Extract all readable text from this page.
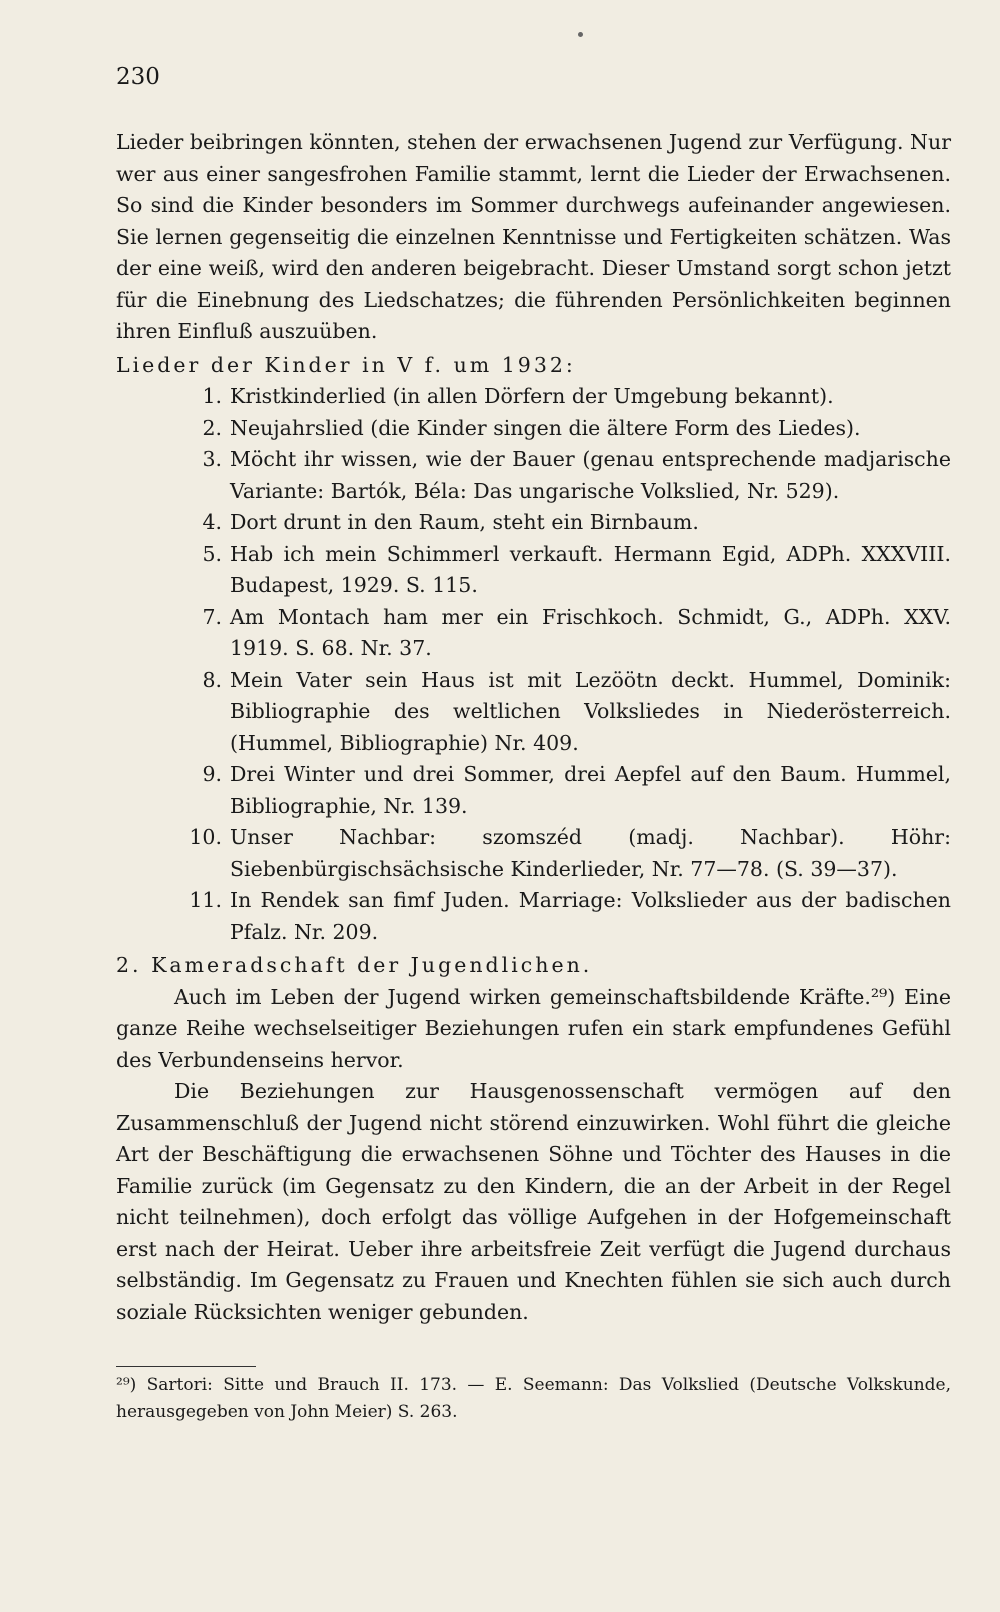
230

Lieder beibringen könnten, stehen der erwachsenen Jugend zur Verfügung. Nur wer aus einer sangesfrohen Familie stammt, lernt die Lieder der Erwachsenen. So sind die Kinder besonders im Sommer durchwegs aufeinander angewiesen. Sie lernen gegenseitig die einzelnen Kenntnisse und Fertigkeiten schätzen. Was der eine weiß, wird den anderen beigebracht. Dieser Umstand sorgt schon jetzt für die Einebnung des Liedschatzes; die führenden Persönlichkeiten beginnen ihren Einfluß auszuüben.

Lieder der Kinder in V f. um 1932:

1. Kristkinderlied (in allen Dörfern der Umgebung bekannt).
2. Neujahrslied (die Kinder singen die ältere Form des Liedes).
3. Möcht ihr wissen, wie der Bauer (genau entsprechende madjarische Variante: Bartók, Béla: Das ungarische Volkslied, Nr. 529).
4. Dort drunt in den Raum, steht ein Birnbaum.
5. Hab ich mein Schimmerl verkauft. Hermann Egid, ADPh. XXXVIII. Budapest, 1929. S. 115.
7. Am Montach ham mer ein Frischkoch. Schmidt, G., ADPh. XXV. 1919. S. 68. Nr. 37.
8. Mein Vater sein Haus ist mit Lezöötn deckt. Hummel, Dominik: Bibliographie des weltlichen Volksliedes in Niederösterreich. (Hummel, Bibliographie) Nr. 409.
9. Drei Winter und drei Sommer, drei Aepfel auf den Baum. Hummel, Bibliographie, Nr. 139.
10. Unser Nachbar: szomszéd (madj. Nachbar). Höhr: Siebenbürgischsächsische Kinderlieder, Nr. 77—78. (S. 39—37).
11. In Rendek san fimf Juden. Marriage: Volkslieder aus der badischen Pfalz. Nr. 209.

2. Kameradschaft der Jugendlichen.

Auch im Leben der Jugend wirken gemeinschaftsbildende Kräfte.²⁹) Eine ganze Reihe wechselseitiger Beziehungen rufen ein stark empfundenes Gefühl des Verbundenseins hervor.

Die Beziehungen zur Hausgenossenschaft vermögen auf den Zusammenschluß der Jugend nicht störend einzuwirken. Wohl führt die gleiche Art der Beschäftigung die erwachsenen Söhne und Töchter des Hauses in die Familie zurück (im Gegensatz zu den Kindern, die an der Arbeit in der Regel nicht teilnehmen), doch erfolgt das völlige Aufgehen in der Hofgemeinschaft erst nach der Heirat. Ueber ihre arbeitsfreie Zeit verfügt die Jugend durchaus selbständig. Im Gegensatz zu Frauen und Knechten fühlen sie sich auch durch soziale Rücksichten weniger gebunden.

²⁹) Sartori: Sitte und Brauch II. 173. — E. Seemann: Das Volkslied (Deutsche Volkskunde, herausgegeben von John Meier) S. 263.
